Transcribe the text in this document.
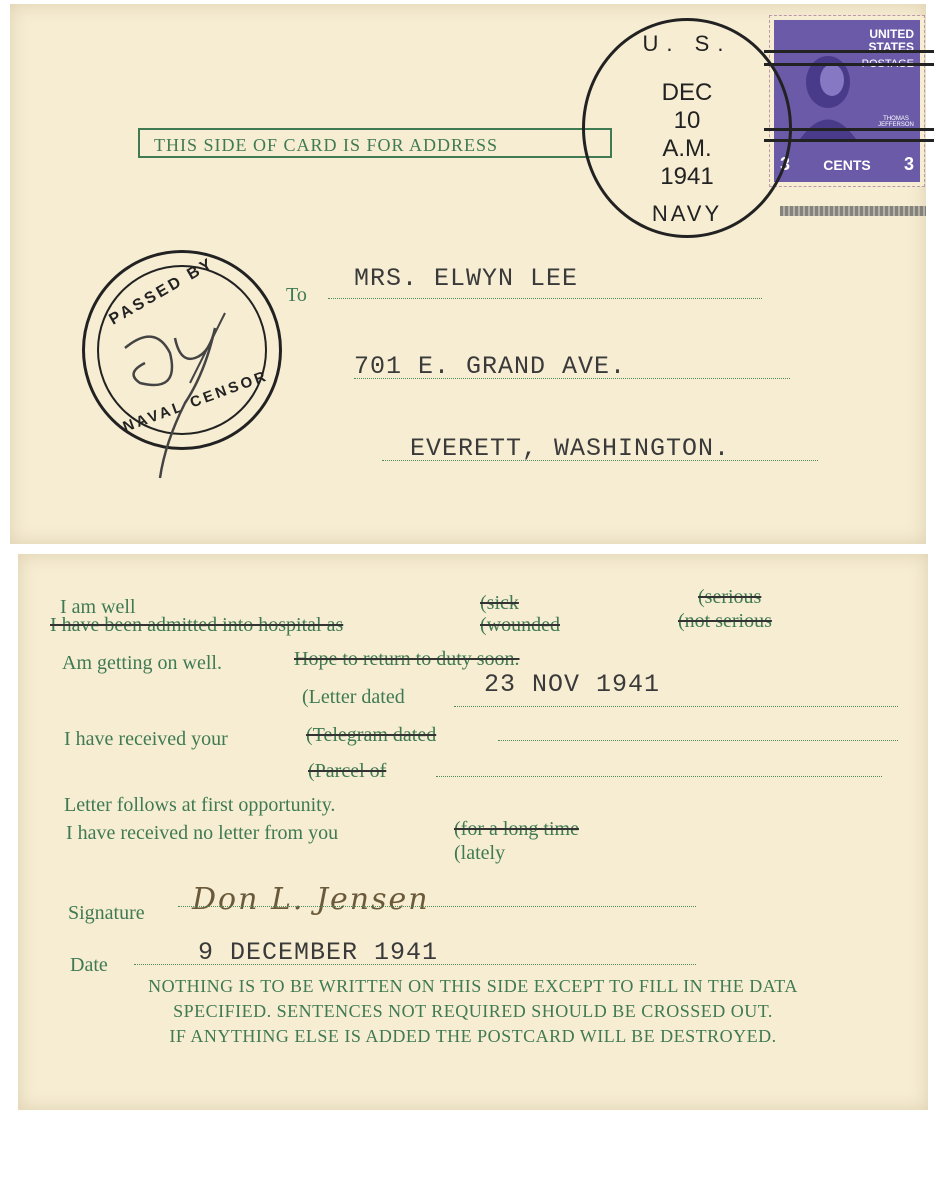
THIS SIDE OF CARD IS FOR ADDRESS
UNITED STATES
POSTAGE
THOMAS JEFFERSON
3 CENTS 3
U. S.
DEC
10
A.M.
1941
NAVY
PASSED BY
NAVAL CENSOR
To
MRS. ELWYN LEE
701 E. GRAND AVE.
EVERETT, WASHINGTON.
I am well
I have been admitted into hospital as
(sick
(wounded
(serious
(not serious
Am getting on well.	Hope to return to duty soon.
(Letter dated	23 NOV 1941
I have received your	(Telegram dated
(Parcel of
Letter follows at first opportunity.
I have received no letter from you	(for a long time
(lately
Signature Don L. Jensen
Date	9 DECEMBER 1941
NOTHING IS TO BE WRITTEN ON THIS SIDE EXCEPT TO FILL IN THE DATA
SPECIFIED. SENTENCES NOT REQUIRED SHOULD BE CROSSED OUT.
IF ANYTHING ELSE IS ADDED THE POSTCARD WILL BE DESTROYED.
